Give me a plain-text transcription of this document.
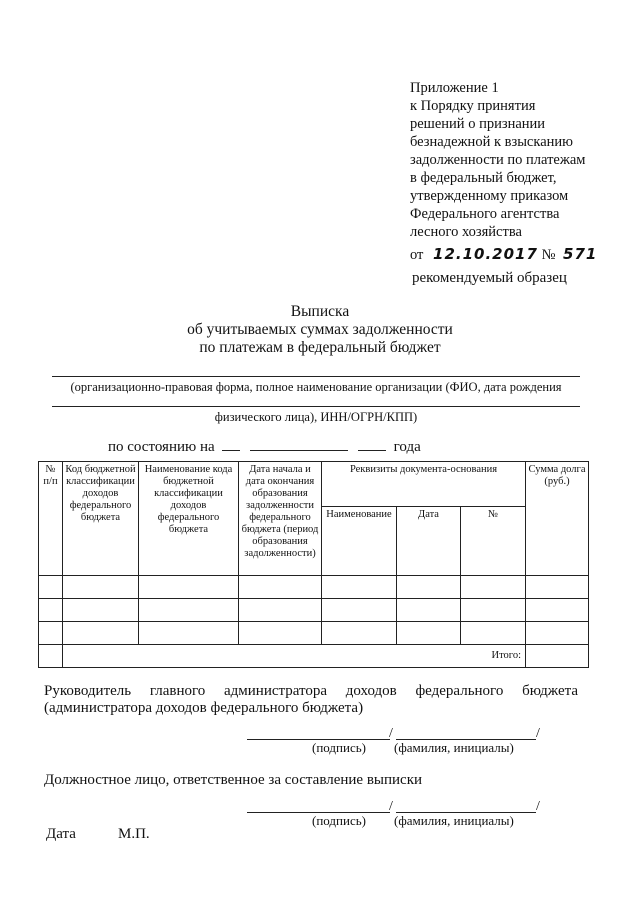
Приложение 1
к Порядку принятия
решений о признании
безнадежной к взысканию
задолженности по платежам
в федеральный бюджет,
утвержденному приказом
Федерального агентства
лесного хозяйства
от 12.10.2017 № 571
рекомендуемый образец
Выписка
об учитываемых суммах задолженности
по платежам в федеральный бюджет
(организационно-правовая форма, полное наименование организации (ФИО, дата рождения
физического лица), ИНН/ОГРН/КПП)
по состоянию на	года
№ п/п	Код бюджетной классификации доходов федерального бюджета	Наименование кода бюджетной классификации доходов федерального бюджета	Дата начала и дата окончания образования задолженности федерального бюджета (период образования задолженности)	Реквизиты документа-основания			Сумма долга (руб.)
				Наименование	Дата	№	

	Итого:						
Руководитель главного администратора доходов федерального бюджета
(администратора доходов федерального бюджета)
/	/
(подпись) (фамилия, инициалы)
Должностное лицо, ответственное за составление выписки
/	/
(подпись) (фамилия, инициалы)
Дата	М.П.
